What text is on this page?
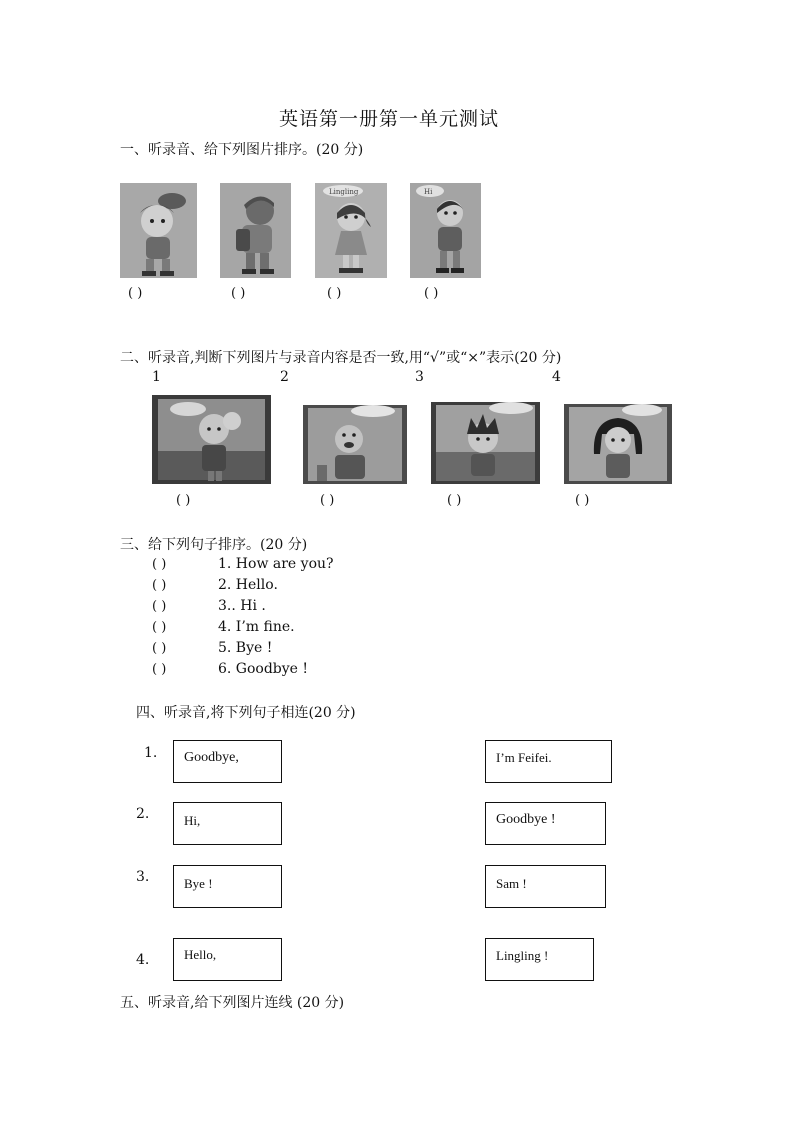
英语第一册第一单元测试
一、听录音、给下列图片排序。(20 分)
Lingling	Hi
( )	( )	( )	( )
二、听录音,判断下列图片与录音内容是否一致,用“√”或“×”表示(20 分)
1	2	3	4
( )	( )	( )	( )
三、给下列句子排序。(20 分)
( )	1. How are you?
( )	2. Hello.
( )	3.. Hi .
( )	4. I’m fine.
( )	5. Bye !
( )	6. Goodbye !
四、听录音,将下列句子相连(20 分)
1. Goodbye,	I’m Feifei.
2.	Hi,	Goodbye !
3.	Bye !	Sam !
4.	Hello,	Lingling !
五、听录音,给下列图片连线 (20 分)
